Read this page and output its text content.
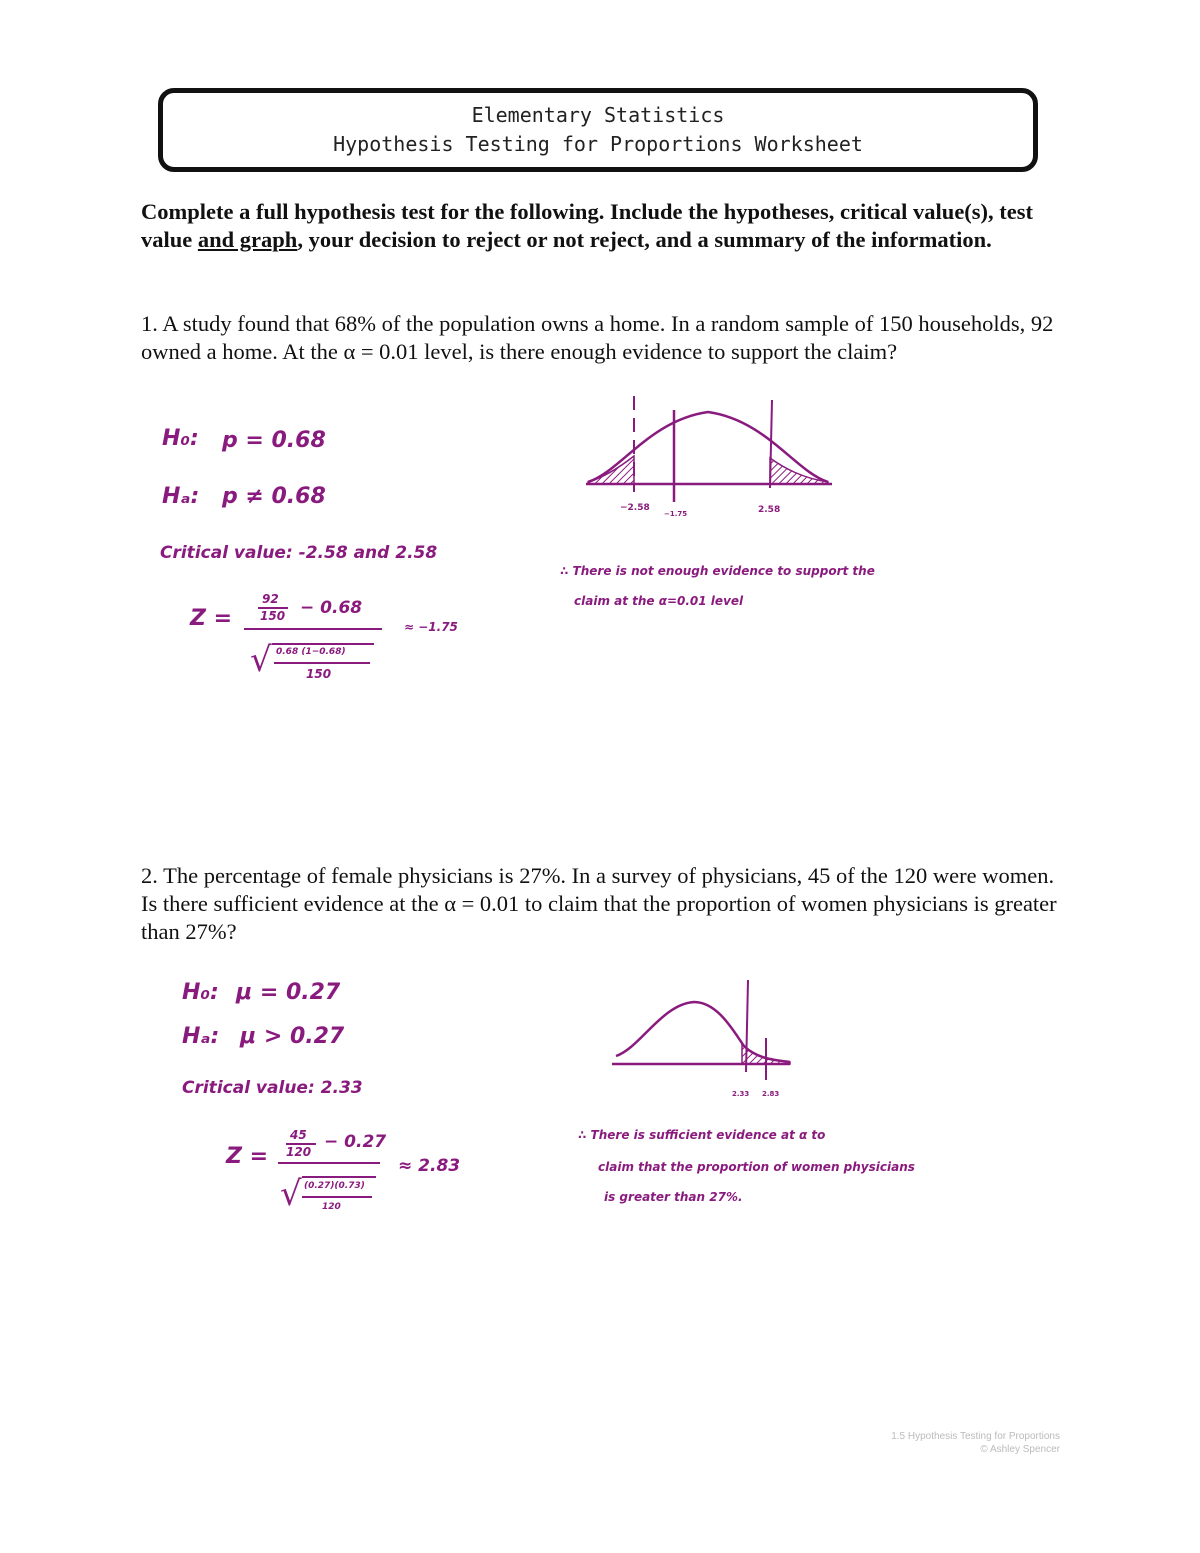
Elementary Statistics
Hypothesis Testing for Proportions Worksheet
Complete a full hypothesis test for the following. Include the hypotheses, critical value(s), test value and graph, your decision to reject or not reject, and a summary of the information.
1. A study found that 68% of the population owns a home. In a random sample of 150 households, 92 owned a home. At the α = 0.01 level, is there enough evidence to support the claim?
H₀: p = 0.68
Hₐ: p ≠ 0.68
Critical value: -2.58 and 2.58
Z =
92
150 − 0.68
√ 0.68 (1−0.68)
150
≈ −1.75
−2.58
−1.75	2.58
∴ There is not enough evidence to support the
claim at the α=0.01 level
2. The percentage of female physicians is 27%. In a survey of physicians, 45 of the 120 were women. Is there sufficient evidence at the α = 0.01 to claim that the proportion of women physicians is greater than 27%?
H₀: μ = 0.27
Hₐ: μ > 0.27
Critical value: 2.33
Z =
45
120 − 0.27
√ (0.27)(0.73)
120
≈ 2.83
2.33 2.83
∴ There is sufficient evidence at α to
claim that the proportion of women physicians
is greater than 27%.
1.5 Hypothesis Testing for Proportions
© Ashley Spencer
